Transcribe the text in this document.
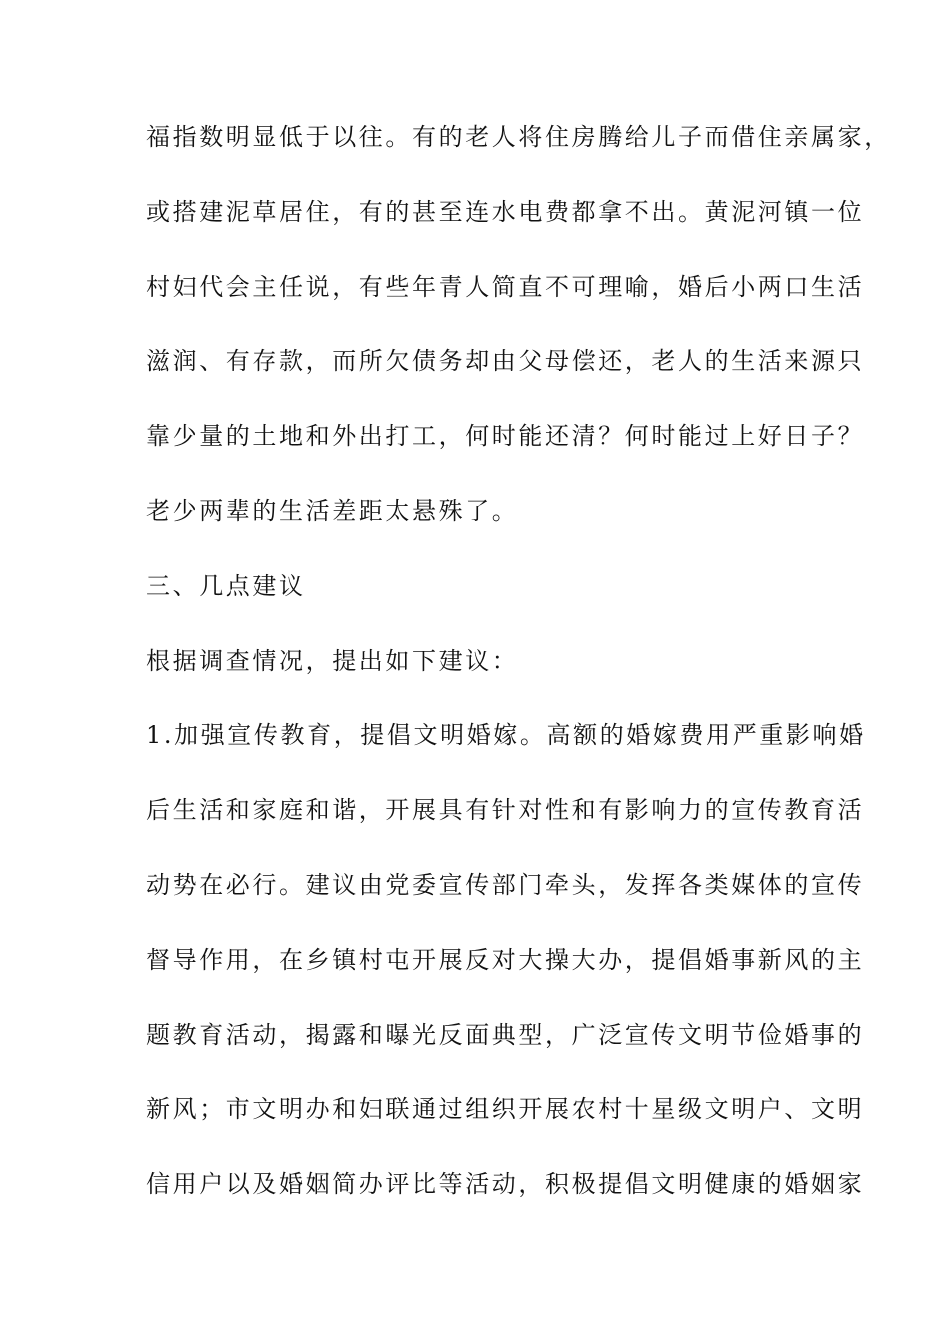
福指数明显低于以往。有的老人将住房腾给儿子而借住亲属家，
或搭建泥草居住，有的甚至连水电费都拿不出。黄泥河镇一位
村妇代会主任说，有些年青人简直不可理喻，婚后小两口生活
滋润、有存款，而所欠债务却由父母偿还，老人的生活来源只
靠少量的土地和外出打工，何时能还清？何时能过上好日子？
老少两辈的生活差距太悬殊了。
三、几点建议
根据调查情况，提出如下建议：
1.加强宣传教育，提倡文明婚嫁。高额的婚嫁费用严重影响婚
后生活和家庭和谐，开展具有针对性和有影响力的宣传教育活
动势在必行。建议由党委宣传部门牵头，发挥各类媒体的宣传
督导作用，在乡镇村屯开展反对大操大办，提倡婚事新风的主
题教育活动，揭露和曝光反面典型，广泛宣传文明节俭婚事的
新风；市文明办和妇联通过组织开展农村十星级文明户、文明
信用户以及婚姻简办评比等活动，积极提倡文明健康的婚姻家
